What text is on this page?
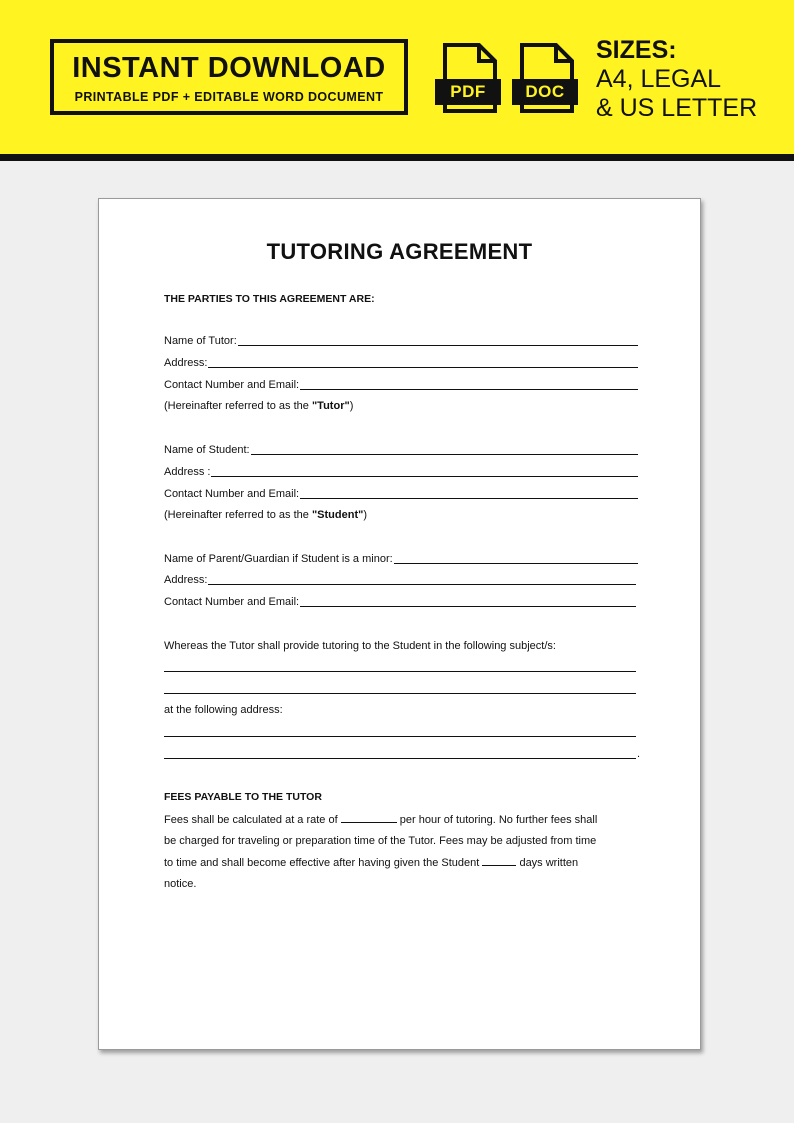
INSTANT DOWNLOAD
PRINTABLE PDF + EDITABLE WORD DOCUMENT	PDF	DOC
SIZES:
A4, LEGAL
& US LETTER
TUTORING AGREEMENT
THE PARTIES TO THIS AGREEMENT ARE:
Name of Tutor:
Address:
Contact Number and Email:
(Hereinafter referred to as the "Tutor")
Name of Student:
Address :
Contact Number and Email:
(Hereinafter referred to as the "Student")
Name of Parent/Guardian if Student is a minor:
Address:
Contact Number and Email:
Whereas the Tutor shall provide tutoring to the Student in the following subject/s:
at the following address:
.
FEES PAYABLE TO THE TUTOR
Fees shall be calculated at a rate of	per hour of tutoring. No further fees shall
be charged for traveling or preparation time of the Tutor. Fees may be adjusted from time
to time and shall become effective after having given the Student	days written
notice.
